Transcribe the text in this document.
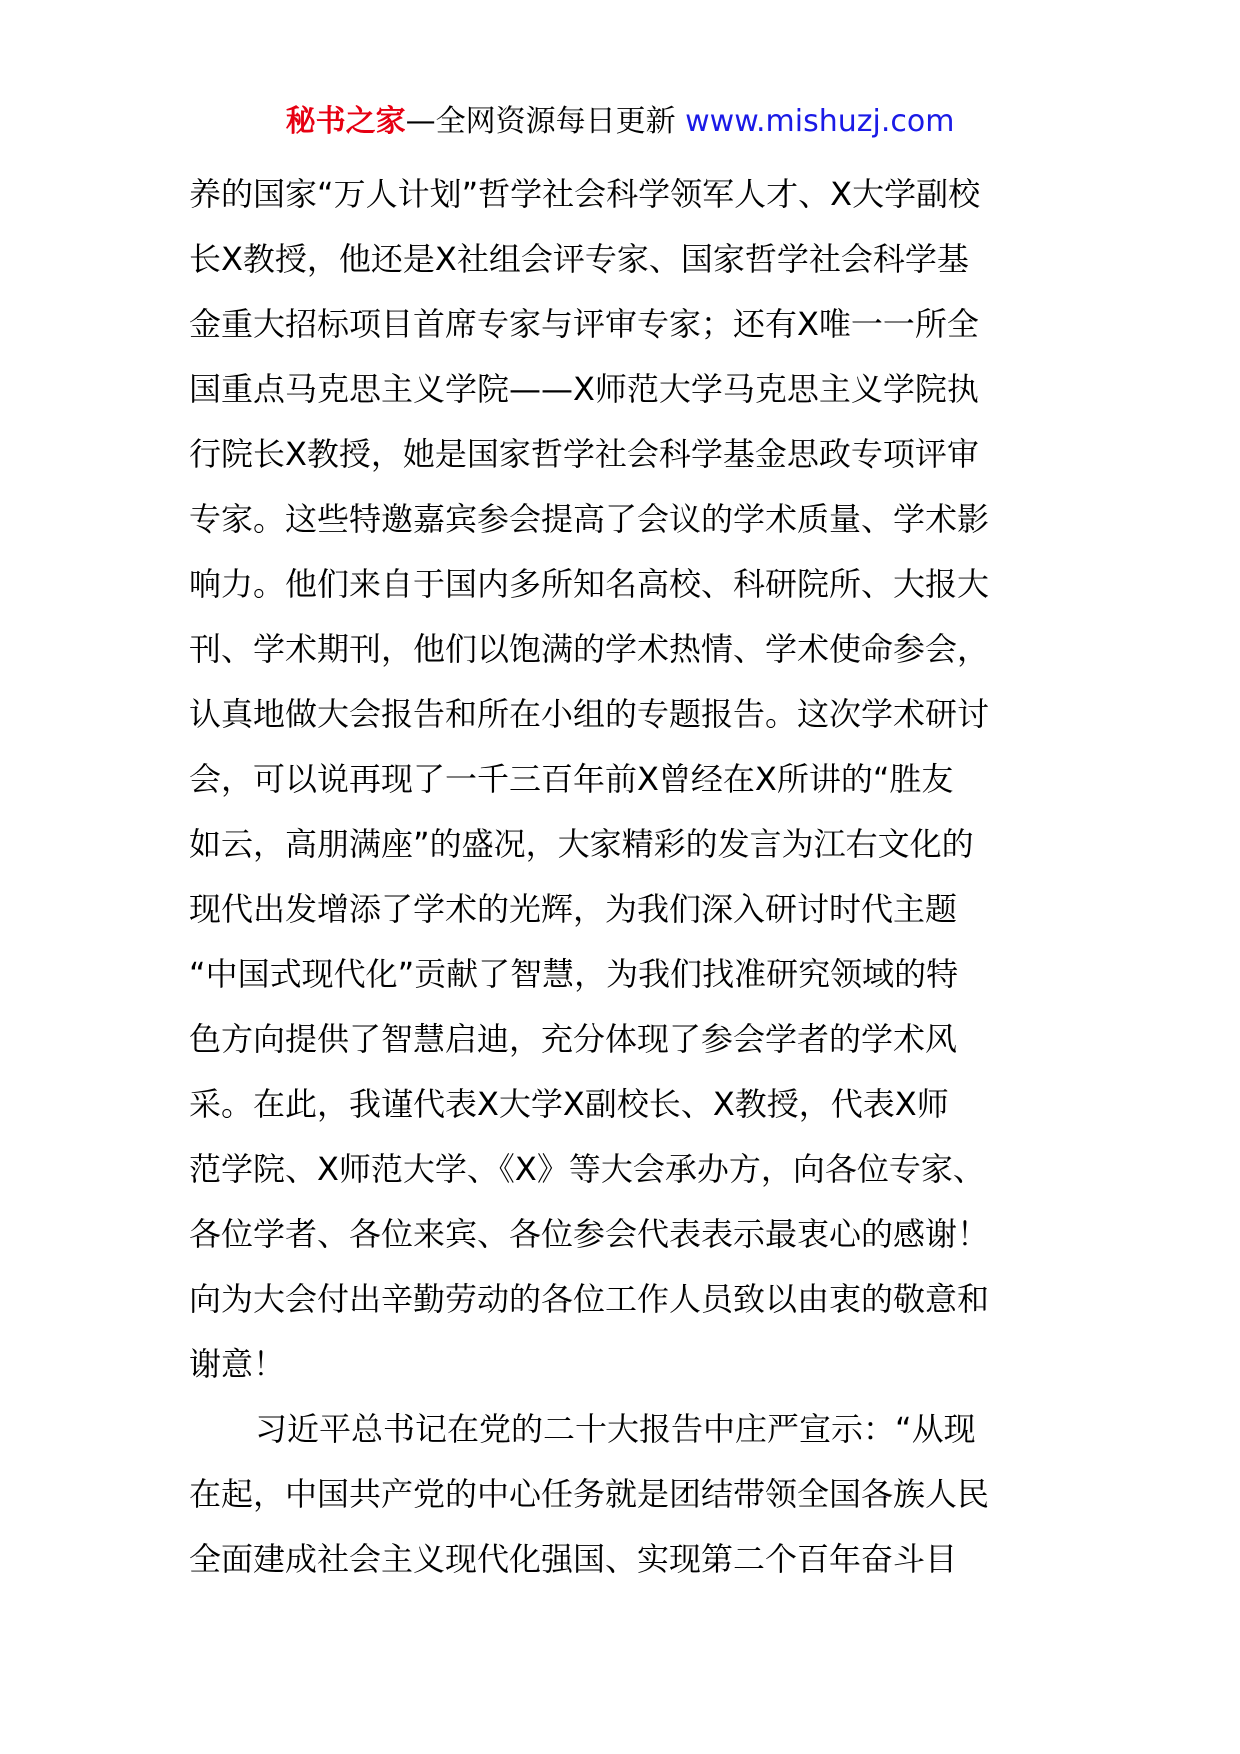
秘书之家—全网资源每日更新 www.mishuzj.com
养的国家“万人计划”哲学社会科学领军人才、X大学副校
长X教授，他还是X社组会评专家、国家哲学社会科学基
金重大招标项目首席专家与评审专家；还有X唯一一所全
国重点马克思主义学院——X师范大学马克思主义学院执
行院长X教授，她是国家哲学社会科学基金思政专项评审
专家。这些特邀嘉宾参会提高了会议的学术质量、学术影
响力。他们来自于国内多所知名高校、科研院所、大报大
刊、学术期刊，他们以饱满的学术热情、学术使命参会，
认真地做大会报告和所在小组的专题报告。这次学术研讨
会，可以说再现了一千三百年前X曾经在X所讲的“胜友
如云，高朋满座”的盛况，大家精彩的发言为江右文化的
现代出发增添了学术的光辉，为我们深入研讨时代主题
“中国式现代化”贡献了智慧，为我们找准研究领域的特
色方向提供了智慧启迪，充分体现了参会学者的学术风
采。在此，我谨代表X大学X副校长、X教授，代表X师
范学院、X师范大学、《X》等大会承办方，向各位专家、
各位学者、各位来宾、各位参会代表表示最衷心的感谢！
向为大会付出辛勤劳动的各位工作人员致以由衷的敬意和
谢意！
习近平总书记在党的二十大报告中庄严宣示：“从现
在起，中国共产党的中心任务就是团结带领全国各族人民
全面建成社会主义现代化强国、实现第二个百年奋斗目
